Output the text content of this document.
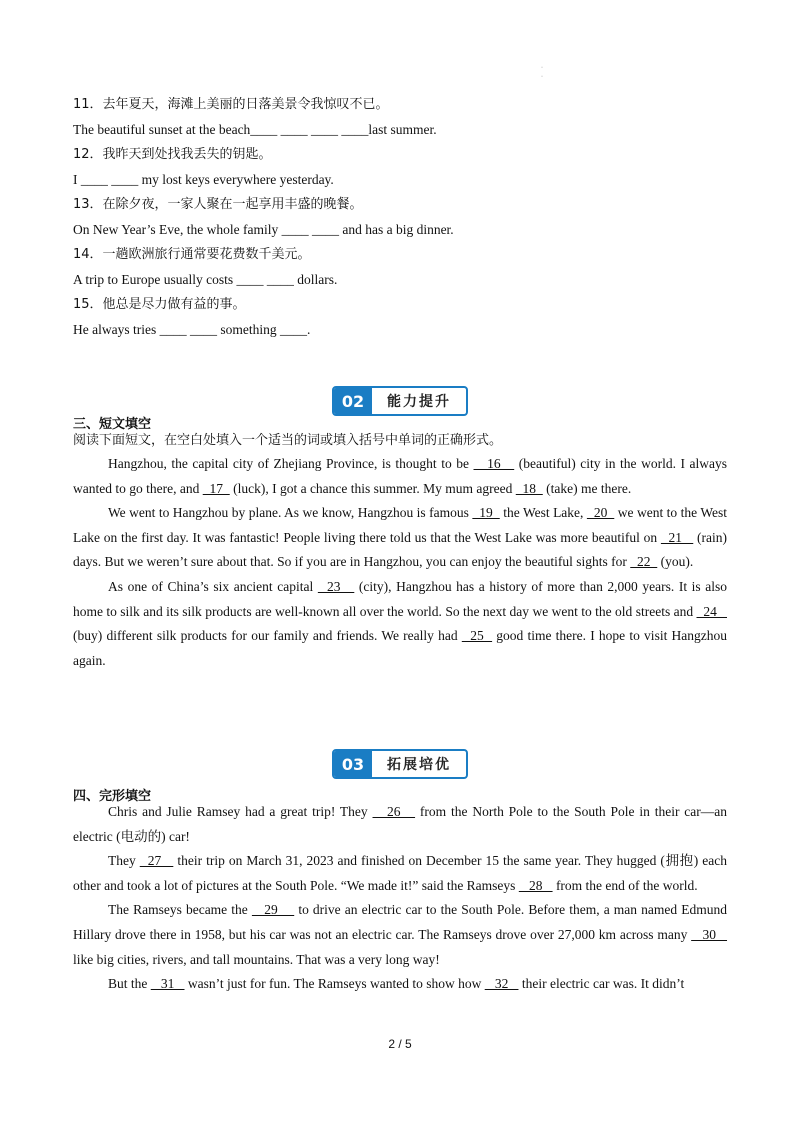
·
·
11．去年夏天，海滩上美丽的日落美景令我惊叹不已。
The beautiful sunset at the beach____ ____ ____ ____last summer.
12．我昨天到处找我丢失的钥匙。
I ____ ____ my lost keys everywhere yesterday.
13．在除夕夜，一家人聚在一起享用丰盛的晚餐。
On New Year’s Eve, the whole family ____ ____ and has a big dinner.
14．一趟欧洲旅行通常要花费数千美元。
A trip to Europe usually costs ____ ____ dollars.
15．他总是尽力做有益的事。
He always tries ____ ____ something ____.
02	能力提升
三、短文填空
阅读下面短文，在空白处填入一个适当的词或填入括号中单词的正确形式。

Hangzhou, the capital city of Zhejiang Province, is thought to be    16    (beautiful) city in the world. I always wanted to go there, and   17   (luck), I got a chance this summer. My mum agreed   18   (take) me there.

We went to Hangzhou by plane. As we know, Hangzhou is famous   19   the West Lake,   20   we went to the West Lake on the first day. It was fantastic! People living there told us that the West Lake was more beautiful on   21    (rain) days. But we weren’t sure about that. So if you are in Hangzhou, you can enjoy the beautiful sights for   22   (you).

As one of China’s six ancient capital   23    (city), Hangzhou has a history of more than 2,000 years. It is also home to silk and its silk products are well-known all over the world. So the next day we went to the old streets and   24    (buy) different silk products for our family and friends. We really had   25   good time there. I hope to visit Hangzhou again.

03	拓展培优
四、完形填空

Chris and Julie Ramsey had a great trip! They    26    from the North Pole to the South Pole in their car—an electric (电动的) car!

They   27    their trip on March 31, 2023 and finished on December 15 the same year. They hugged (拥抱) each other and took a lot of pictures at the South Pole. “We made it!” said the Ramseys    28    from the end of the world.

The Ramseys became the    29     to drive an electric car to the South Pole. Before them, a man named Edmund Hillary drove there in 1958, but his car was not an electric car. The Ramseys drove over 27,000 km across many    30    like big cities, rivers, and tall mountains. That was a very long way!

But the    31    wasn’t just for fun. The Ramseys wanted to show how    32    their electric car was. It didn’t

2 / 5
